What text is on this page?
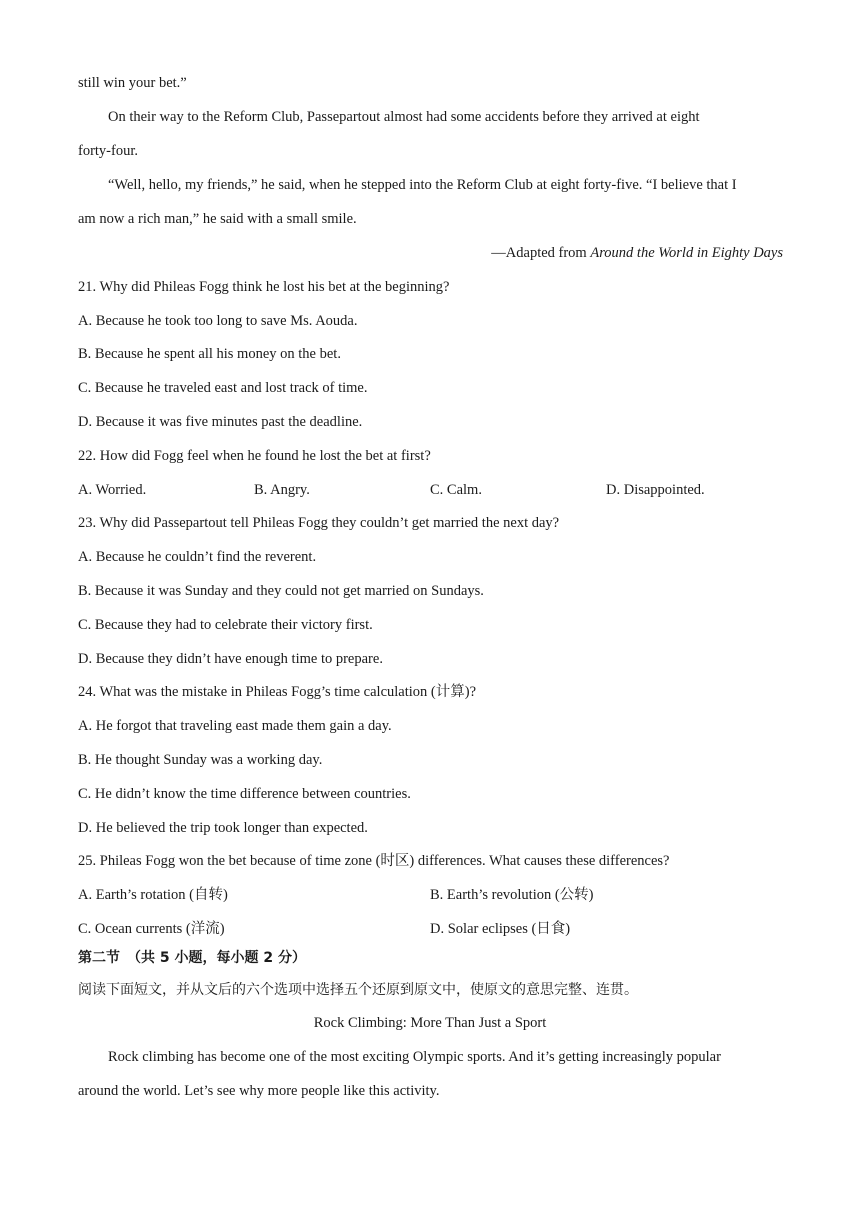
still win your bet.”
On their way to the Reform Club, Passepartout almost had some accidents before they arrived at eight
forty-four.
“Well, hello, my friends,” he said, when he stepped into the Reform Club at eight forty-five. “I believe that I
am now a rich man,” he said with a small smile.
—Adapted from Around the World in Eighty Days
21. Why did Phileas Fogg think he lost his bet at the beginning?
A. Because he took too long to save Ms. Aouda.
B. Because he spent all his money on the bet.
C. Because he traveled east and lost track of time.
D. Because it was five minutes past the deadline.
22. How did Fogg feel when he found he lost the bet at first?
A. Worried.	B. Angry.	C. Calm.	D. Disappointed.
23. Why did Passepartout tell Phileas Fogg they couldn’t get married the next day?
A. Because he couldn’t find the reverent.
B. Because it was Sunday and they could not get married on Sundays.
C. Because they had to celebrate their victory first.
D. Because they didn’t have enough time to prepare.
24. What was the mistake in Phileas Fogg’s time calculation (计算)?
A. He forgot that traveling east made them gain a day.
B. He thought Sunday was a working day.
C. He didn’t know the time difference between countries.
D. He believed the trip took longer than expected.
25. Phileas Fogg won the bet because of time zone (时区) differences. What causes these differences?
A. Earth’s rotation (自转)	B. Earth’s revolution (公转)
C. Ocean currents (洋流)	D. Solar eclipses (日食)
第二节　（共 5 小题，每小题 2 分）
阅读下面短文，并从文后的六个选项中选择五个还原到原文中，使原文的意思完整、连贯。
Rock Climbing: More Than Just a Sport
Rock climbing has become one of the most exciting Olympic sports. And it’s getting increasingly popular
around the world. Let’s see why more people like this activity.
